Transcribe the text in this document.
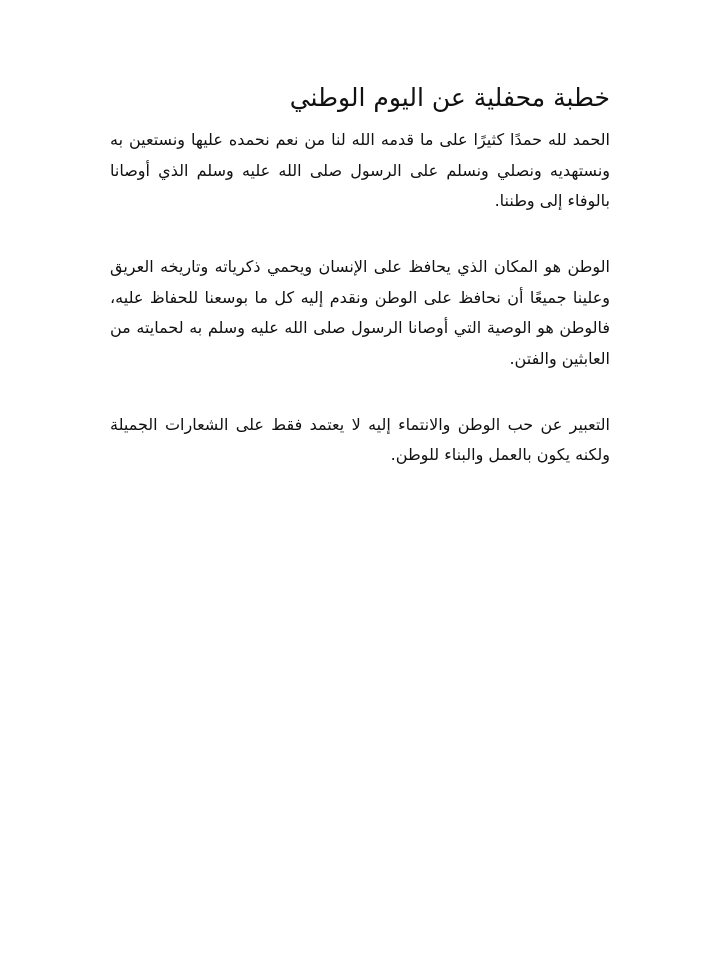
خطبة محفلية عن اليوم الوطني

الحمد لله حمدًا كثيرًا على ما قدمه الله لنا من نعم نحمده عليها ونستعين به ونستهديه ونصلي ونسلم على الرسول صلى الله عليه وسلم الذي أوصانا بالوفاء إلى وطننا.

الوطن هو المكان الذي يحافظ على الإنسان ويحمي ذكرياته وتاريخه العريق وعلينا جميعًا أن نحافظ على الوطن ونقدم إليه كل ما بوسعنا للحفاظ عليه، فالوطن هو الوصية التي أوصانا الرسول صلى الله عليه وسلم به لحمايته من العابثين والفتن.

التعبير عن حب الوطن والانتماء إليه لا يعتمد فقط على الشعارات الجميلة ولكنه يكون بالعمل والبناء للوطن.
